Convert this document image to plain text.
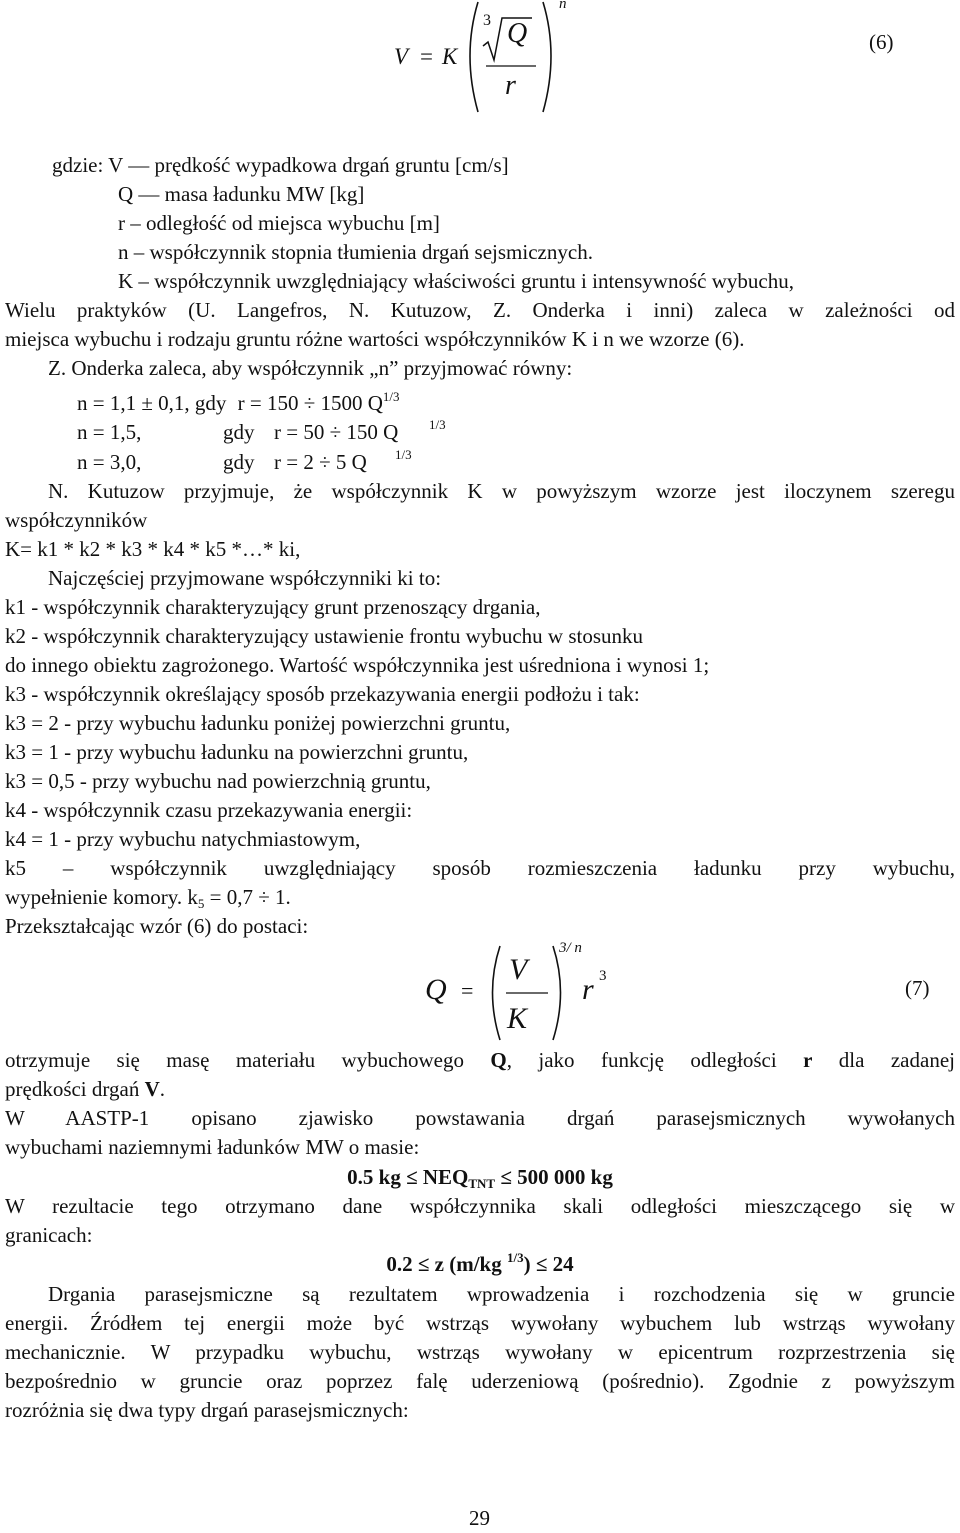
V = K
3 Q
r
n
(6)
gdzie: V — prędkość wypadkowa drgań gruntu [cm/s]
Q — masa ładunku MW [kg]
r – odległość od miejsca wybuchu [m]
n – współczynnik stopnia tłumienia drgań sejsmicznych.
K – współczynnik uwzględniający właściwości gruntu i intensywność wybuchu,
Wielu praktyków (U. Langefros, N. Kutuzow, Z. Onderka i inni) zaleca w zależności od
miejsca wybuchu i rodzaju gruntu różne wartości współczynników K i n we wzorze (6).
Z. Onderka zaleca, aby współczynnik „n” przyjmować równy:
n = 1,1 ± 0,1, gdy r = 150 ÷ 1500 $Q^{1/3}$
n = 1,5,	gdy r = 50 ÷ 150 Q 1/3
n = 3,0,	gdy r = 2 ÷ 5 Q 1/3
N. Kutuzow przyjmuje, że współczynnik K w powyższym wzorze jest iloczynem szeregu
współczynników
K= k1 * k2 * k3 * k4 * k5 *…* ki,
Najczęściej przyjmowane współczynniki ki to:
k1 - współczynnik charakteryzujący grunt przenoszący drgania,
k2 - współczynnik charakteryzujący ustawienie frontu wybuchu w stosunku
do innego obiektu zagrożonego. Wartość współczynnika jest uśredniona i wynosi 1;
k3 - współczynnik określający sposób przekazywania energii podłożu i tak:
k3 = 2 - przy wybuchu ładunku poniżej powierzchni gruntu,
k3 = 1 - przy wybuchu ładunku na powierzchni gruntu,
k3 = 0,5 - przy wybuchu nad powierzchnią gruntu,
k4 - współczynnik czasu przekazywania energii:
k4 = 1 - przy wybuchu natychmiastowym,
k5 – współczynnik uwzględniający sposób rozmieszczenia ładunku przy wybuchu,
wypełnienie komory. $k_5 = 0,7 \div 1$.
Przekształcając wzór (6) do postaci:
Q =
V
K
3/ n
r 3	(7)
otrzymuje się masę materiału wybuchowego Q, jako funkcję odległości r dla zadanej
prędkości drgań V.
W AASTP-1 opisano zjawisko powstawania drgań parasejsmicznych wywołanych
wybuchami naziemnymi ładunków MW o masie:
0.5 kg ≤ $NEQ_{TNT} \le 500$ 000 kg
W rezultacie tego otrzymano dane współczynnika skali odległości mieszczącego się w
granicach:
0.2 ≤ z (m/kg $^{1/3}$) ≤ 24
Drgania parasejsmiczne są rezultatem wprowadzenia i rozchodzenia się w gruncie
energii. Źródłem tej energii może być wstrząs wywołany wybuchem lub wstrząs wywołany
mechanicznie. W przypadku wybuchu, wstrząs wywołany w epicentrum rozprzestrzenia się
bezpośrednio w gruncie oraz poprzez falę uderzeniową (pośrednio). Zgodnie z powyższym
rozróżnia się dwa typy drgań parasejsmicznych:
29
